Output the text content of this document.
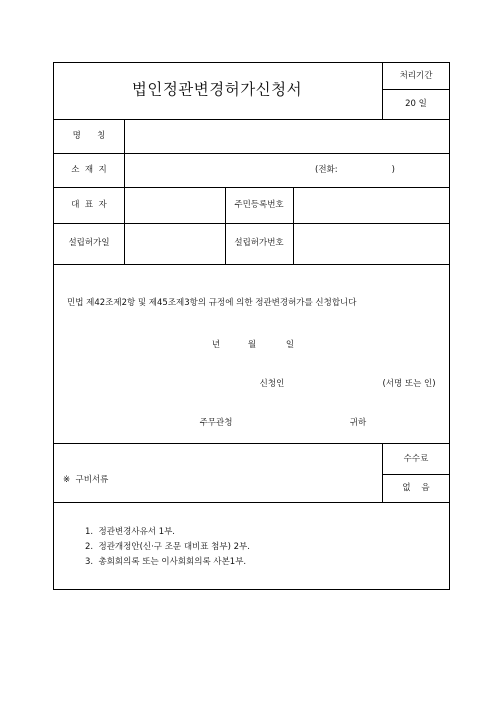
법인정관변경허가신청서
처리기간
20 일
명      칭
소  재  지	(전화:                    )
대  표  자	주민등록번호
설립허가일	설립허가번호
민법 제42조제2항 및 제45조제3항의 규정에 의한 정관변경허가를 신청합니다
년	월	일
신청인	(서명 또는 인)
주무관청	귀하
※  구비서류
수수료
없    음
1.  정관변경사유서 1부.
2.  정관개정안(신·구 조문 대비표 첨부) 2부.
3.  총회회의록 또는 이사회회의록 사본1부.
